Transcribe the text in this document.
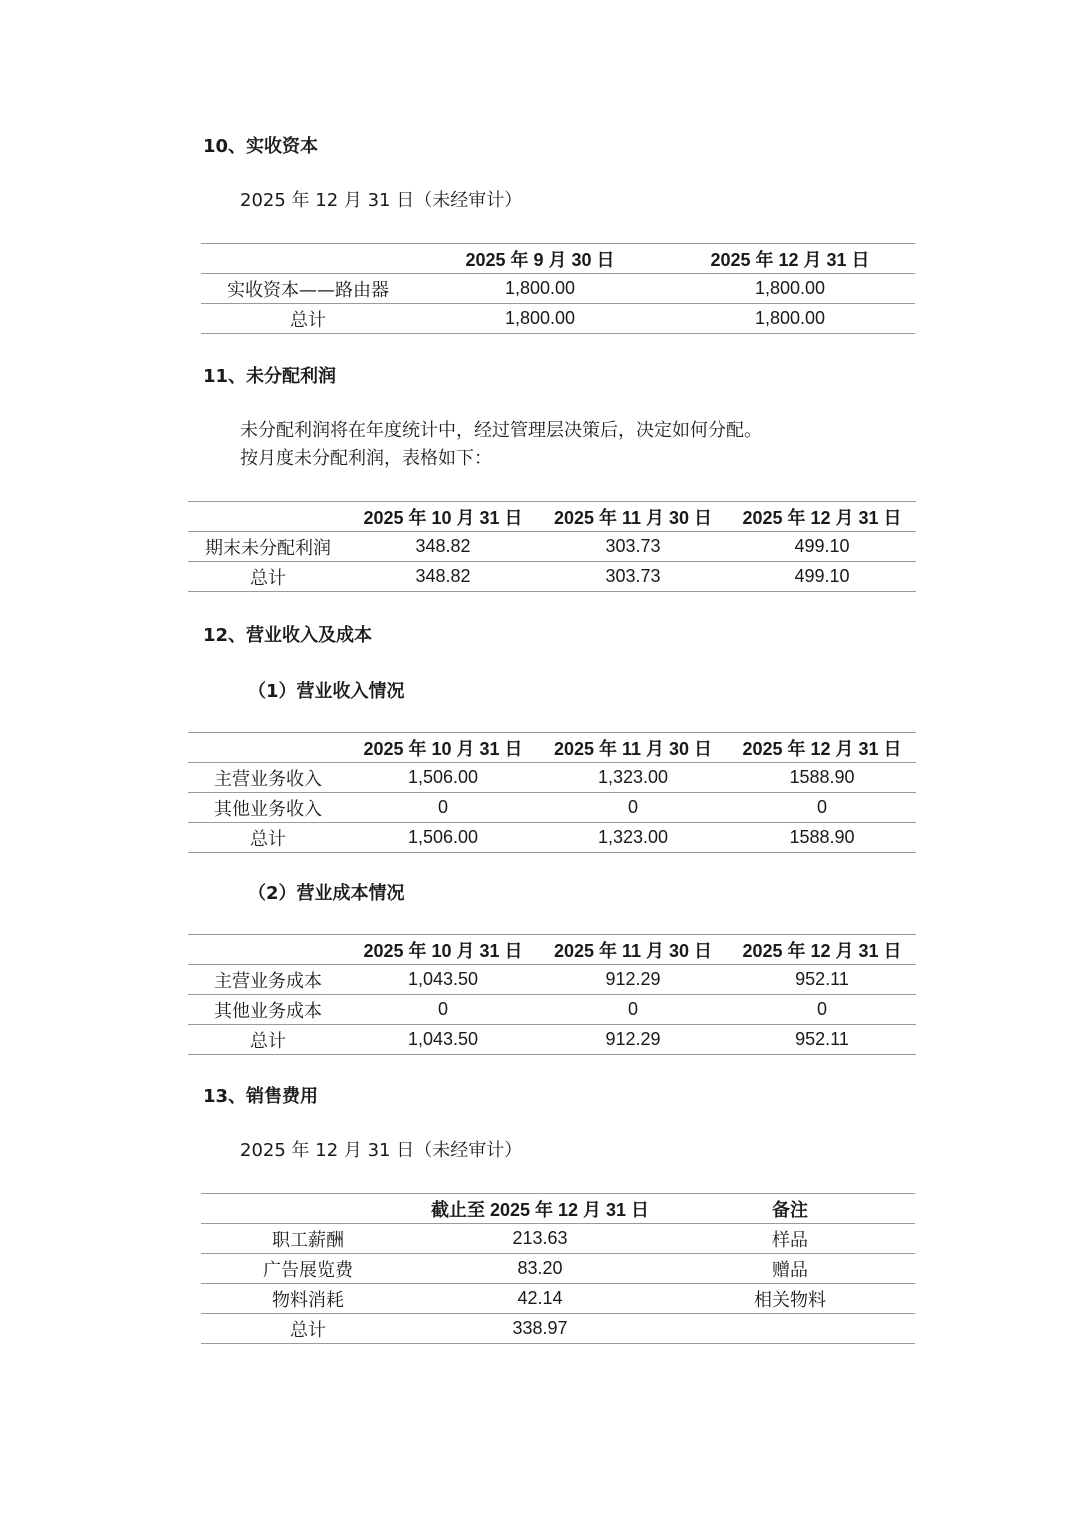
10、实收资本
2025 年 12 月 31 日（未经审计）
	2025 年 9 月 30 日	2025 年 12 月 31 日
实收资本——路由器	1,800.00	1,800.00
总计	1,800.00	1,800.00
11、未分配利润
未分配利润将在年度统计中，经过管理层决策后，决定如何分配。
按月度未分配利润，表格如下：
	2025 年 10 月 31 日	2025 年 11 月 30 日	2025 年 12 月 31 日
期末未分配利润	348.82	303.73	499.10
总计	348.82	303.73	499.10
12、营业收入及成本
（1）营业收入情况
	2025 年 10 月 31 日	2025 年 11 月 30 日	2025 年 12 月 31 日
主营业务收入	1,506.00	1,323.00	1588.90
其他业务收入	0	0	0
总计	1,506.00	1,323.00	1588.90
（2）营业成本情况
	2025 年 10 月 31 日	2025 年 11 月 30 日	2025 年 12 月 31 日
主营业务成本	1,043.50	912.29	952.11
其他业务成本	0	0	0
总计	1,043.50	912.29	952.11
13、销售费用
2025 年 12 月 31 日（未经审计）
	截止至 2025 年 12 月 31 日	备注
职工薪酬	213.63	样品
广告展览费	83.20	赠品
物料消耗	42.14	相关物料
总计	338.97	
